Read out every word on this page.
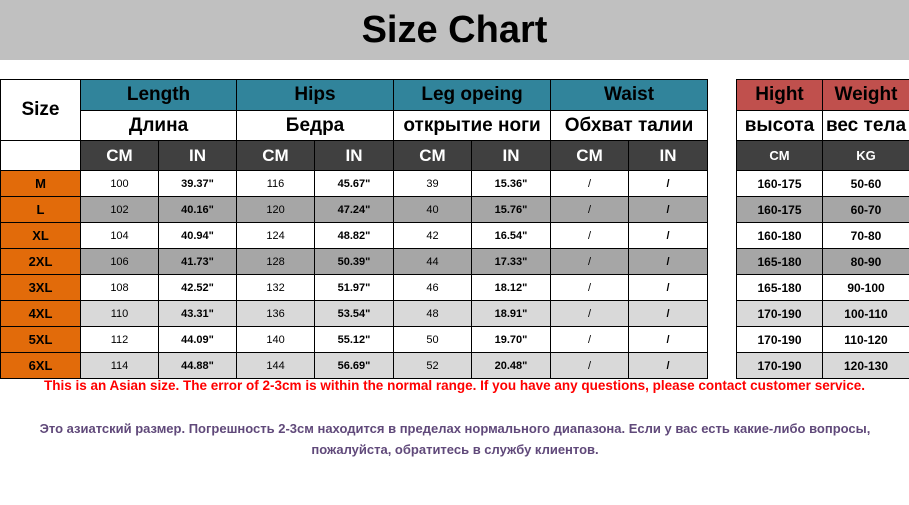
Size Chart
Size	Length		Hips		Leg opeing		Waist	
	Длина		Бедра		открытие ноги		Обхват талии	
	CM	IN	CM	IN	CM	IN	CM	IN
M	100	39.37"	116	45.67"	39	15.36"	/	/
L	102	40.16"	120	47.24"	40	15.76"	/	/
XL	104	40.94"	124	48.82"	42	16.54"	/	/
2XL	106	41.73"	128	50.39"	44	17.33"	/	/
3XL	108	42.52"	132	51.97"	46	18.12"	/	/
4XL	110	43.31"	136	53.54"	48	18.91"	/	/
5XL	112	44.09"	140	55.12"	50	19.70"	/	/
6XL	114	44.88"	144	56.69"	52	20.48"	/	/
Hight	Weight
высота	вес тела
CM	KG
160-175	50-60
160-175	60-70
160-180	70-80
165-180	80-90
165-180	90-100
170-190	100-110
170-190	110-120
170-190	120-130
This is an Asian size. The error of 2-3cm is within the normal range. If you have any questions, please contact customer service.
Это азиатский размер. Погрешность 2-3см находится в пределах нормального диапазона. Если у вас есть какие-либо вопросы, пожалуйста, обратитесь в службу клиентов.
